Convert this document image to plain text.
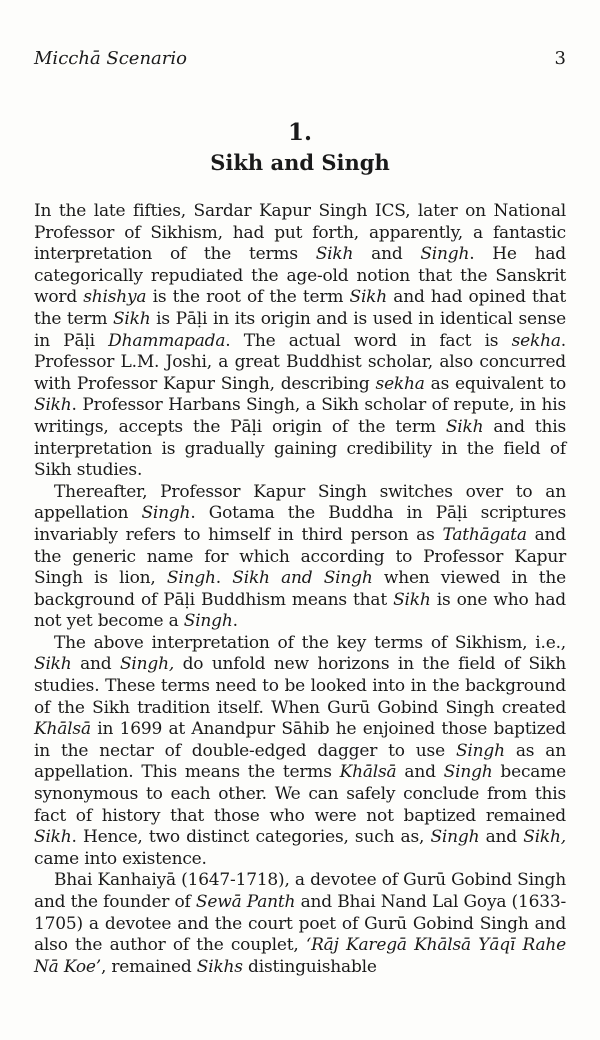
Micchā Scenario	3
1.
Sikh and Singh

In the late fifties, Sardar Kapur Singh ICS, later on National Professor of Sikhism, had put forth, apparently, a fantastic interpretation of the terms Sikh and Singh. He had categorically repudiated the age-old notion that the Sanskrit word shishya is the root of the term Sikh and had opined that the term Sikh is Pāḷi in its origin and is used in identical sense in Pāḷi Dhammapada. The actual word in fact is sekha. Professor L.M. Joshi, a great Buddhist scholar, also concurred with Professor Kapur Singh, describing sekha as equivalent to Sikh. Professor Harbans Singh, a Sikh scholar of repute, in his writings, accepts the Pāḷi origin of the term Sikh and this interpretation is gradually gaining credibility in the field of Sikh studies.

Thereafter, Professor Kapur Singh switches over to an appellation Singh. Gotama the Buddha in Pāḷi scriptures invariably refers to himself in third person as Tathāgata and the generic name for which according to Professor Kapur Singh is lion, Singh. Sikh and Singh when viewed in the background of Pāḷi Buddhism means that Sikh is one who had not yet become a Singh.

The above interpretation of the key terms of Sikhism, i.e., Sikh and Singh, do unfold new horizons in the field of Sikh studies. These terms need to be looked into in the background of the Sikh tradition itself. When Gurū Gobind Singh created Khālsā in 1699 at Anandpur Sāhib he enjoined those baptized in the nectar of double-edged dagger to use Singh as an appellation. This means the terms Khālsā and Singh became synonymous to each other. We can safely conclude from this fact of history that those who were not baptized remained Sikh. Hence, two distinct categories, such as, Singh and Sikh, came into existence.

Bhai Kanhaiyā (1647-1718), a devotee of Gurū Gobind Singh and the founder of Sewā Panth and Bhai Nand Lal Goya (1633-1705) a devotee and the court poet of Gurū Gobind Singh and also the author of the couplet, ‘Rāj Karegā Khālsā Yāqī Rahe Nā Koe’, remained Sikhs distinguishable
